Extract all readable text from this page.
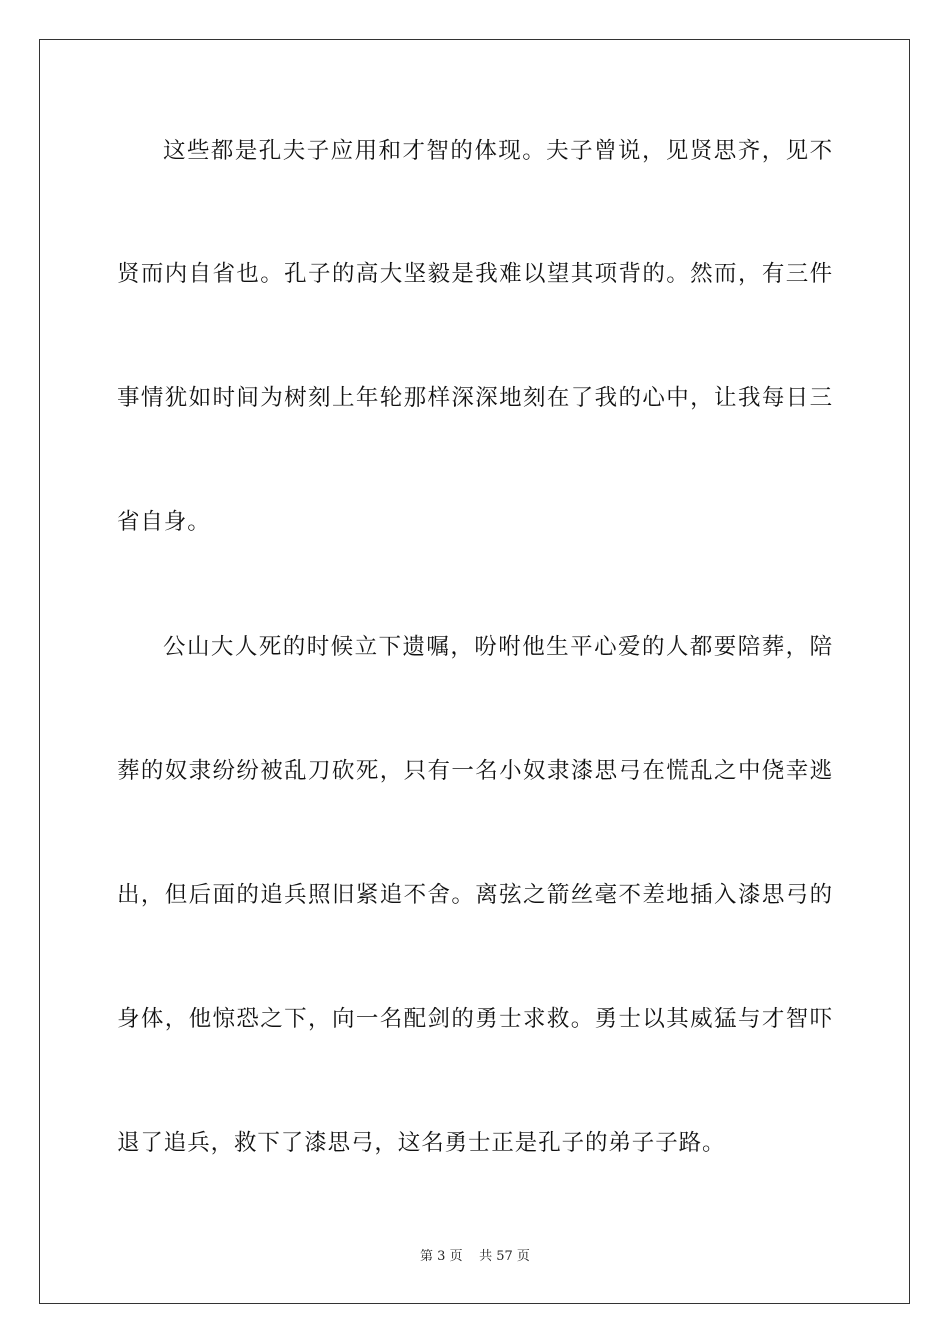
这些都是孔夫子应用和才智的体现。夫子曾说，见贤思齐，见不
贤而内自省也。孔子的高大坚毅是我难以望其项背的。然而，有三件
事情犹如时间为树刻上年轮那样深深地刻在了我的心中，让我每日三
省自身。
公山大人死的时候立下遗嘱，吩咐他生平心爱的人都要陪葬，陪
葬的奴隶纷纷被乱刀砍死，只有一名小奴隶漆思弓在慌乱之中侥幸逃
出，但后面的追兵照旧紧追不舍。离弦之箭丝毫不差地插入漆思弓的
身体，他惊恐之下，向一名配剑的勇士求救。勇士以其威猛与才智吓
退了追兵，救下了漆思弓，这名勇士正是孔子的弟子子路。
第 3 页 共 57 页
